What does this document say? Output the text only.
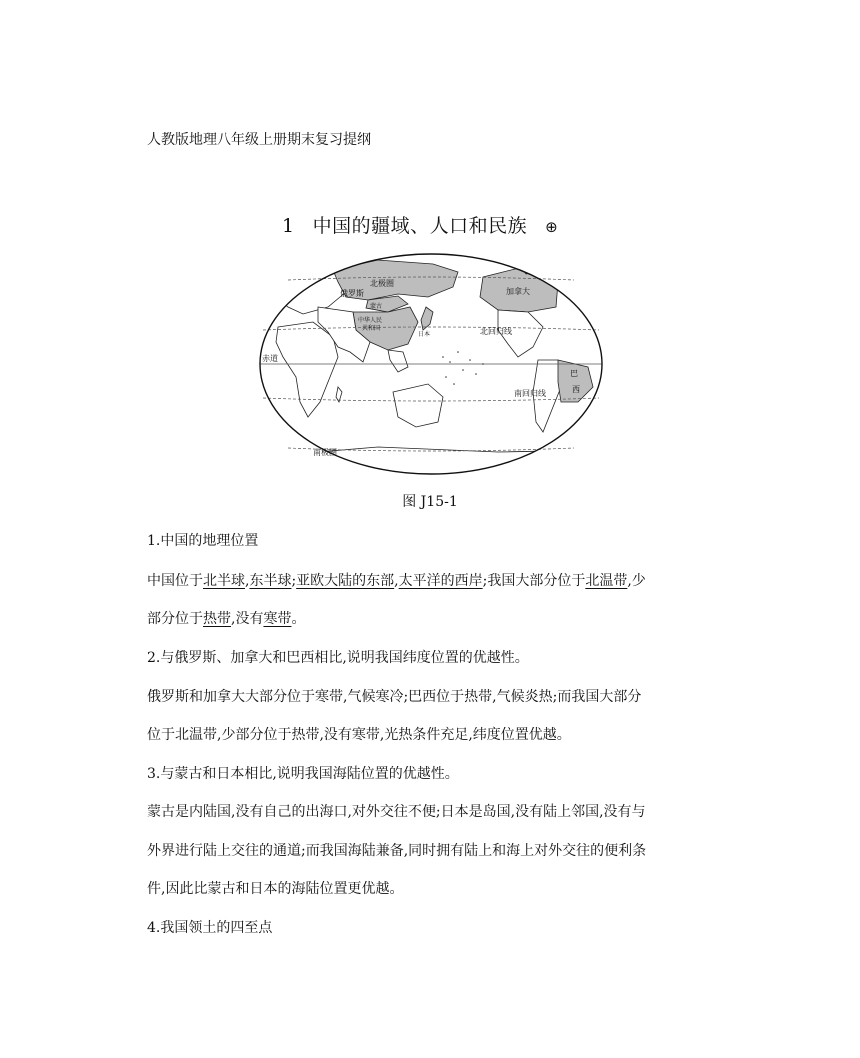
人教版地理八年级上册期末复习提纲
1 中国的疆域、人口和民族 ⊕
北极圈
俄罗斯	加拿大
蒙古
中华人民
共和国
日本	北回归线
赤道
巴
西
南回归线
南极圈
图 J15-1
1.中国的地理位置
中国位于北半球,东半球;亚欧大陆的东部,太平洋的西岸;我国大部分位于北温带,少
部分位于热带,没有寒带。
2.与俄罗斯、加拿大和巴西相比,说明我国纬度位置的优越性。
俄罗斯和加拿大大部分位于寒带,气候寒冷;巴西位于热带,气候炎热;而我国大部分
位于北温带,少部分位于热带,没有寒带,光热条件充足,纬度位置优越。
3.与蒙古和日本相比,说明我国海陆位置的优越性。
蒙古是内陆国,没有自己的出海口,对外交往不便;日本是岛国,没有陆上邻国,没有与
外界进行陆上交往的通道;而我国海陆兼备,同时拥有陆上和海上对外交往的便利条
件,因此比蒙古和日本的海陆位置更优越。
4.我国领土的四至点
